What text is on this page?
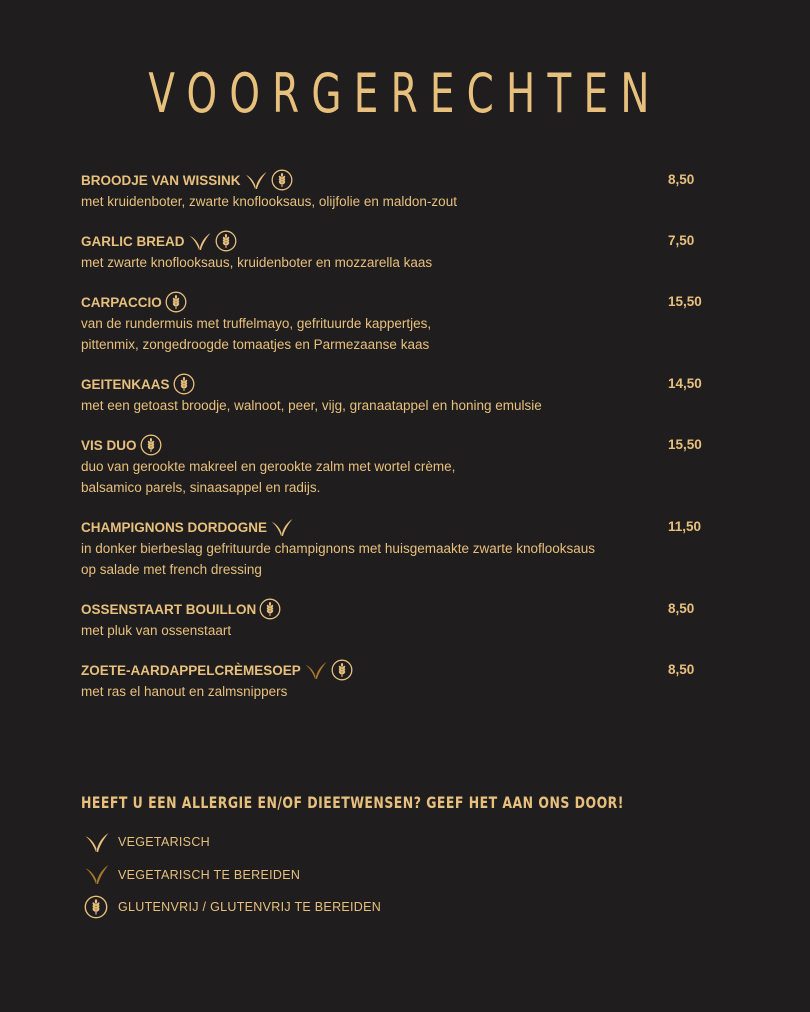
VOORGERECHTEN
BROODJE VAN WISSINK
met kruidenboter, zwarte knoflooksaus, olijfolie en maldon-zout
8,50
GARLIC BREAD
met zwarte knoflooksaus, kruidenboter en mozzarella kaas
7,50
CARPACCIO
van de rundermuis met truffelmayo, gefrituurde kappertjes,
pittenmix, zongedroogde tomaatjes en Parmezaanse kaas
15,50
GEITENKAAS
met een getoast broodje, walnoot, peer, vijg, granaatappel en honing emulsie
14,50
VIS DUO
duo van gerookte makreel en gerookte zalm met wortel crème,
balsamico parels, sinaasappel en radijs.
15,50
CHAMPIGNONS DORDOGNE
in donker bierbeslag gefrituurde champignons met huisgemaakte zwarte knoflooksaus
op salade met french dressing
11,50
OSSENSTAART BOUILLON
met pluk van ossenstaart
8,50
ZOETE-AARDAPPELCRÈMESOEP
met ras el hanout en zalmsnippers
8,50
HEEFT U EEN ALLERGIE EN/OF DIEETWENSEN? GEEF HET AAN ONS DOOR!
VEGETARISCH
VEGETARISCH TE BEREIDEN
GLUTENVRIJ / GLUTENVRIJ TE BEREIDEN
